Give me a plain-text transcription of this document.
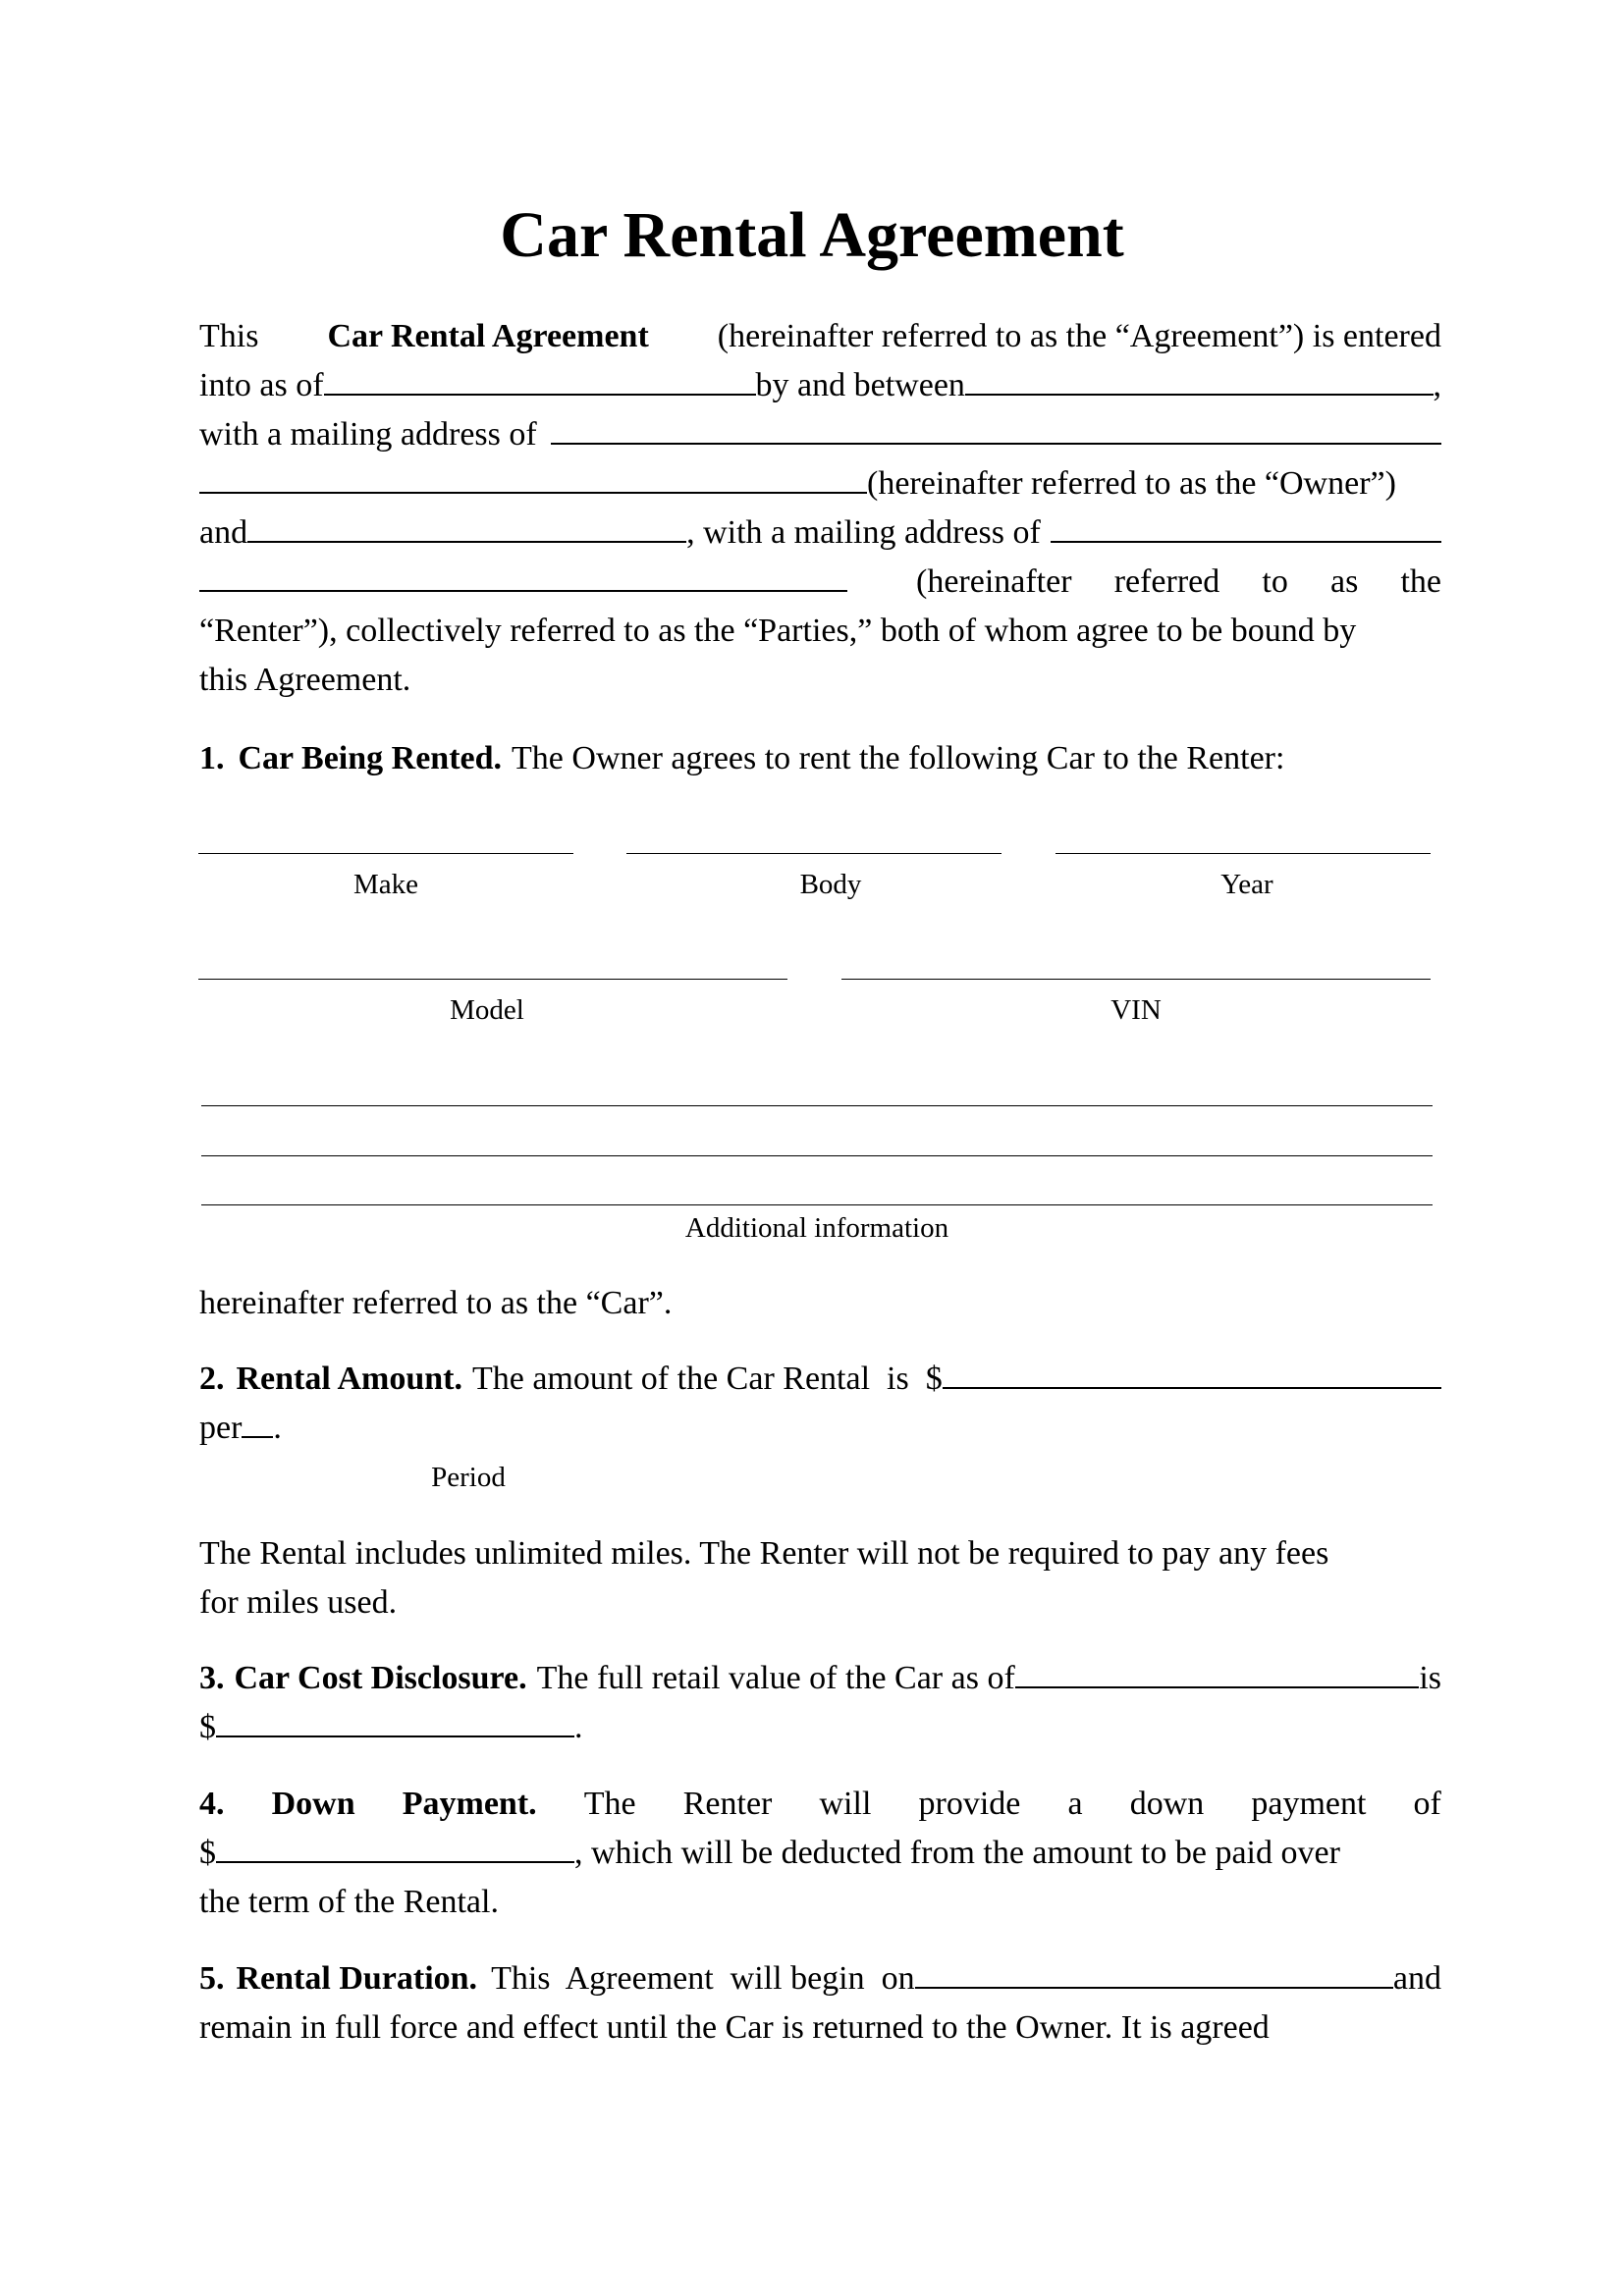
Car Rental Agreement
This Car Rental Agreement (hereinafter referred to as the “Agreement”) is entered
into as of	by and between	,
with a mailing address of
(hereinafter referred to as the “Owner”)
and	, with a mailing address of
(hereinafter referred to as the
“Renter”), collectively referred to as the “Parties,” both of whom agree to be bound by
this Agreement.
1. Car Being Rented. The Owner agrees to rent the following Car to the Renter:
Make	Body	Year
Model	VIN
Additional information
hereinafter referred to as the “Car”.
2. Rental Amount. The amount of the Car Rental  is  $
per .
Period
The Rental includes unlimited miles. The Renter will not be required to pay any fees
for miles used.
3. Car Cost Disclosure. The full retail value of the Car as of	is
$	.
4. Down Payment. The Renter will provide a down payment of
$	, which will be deducted from the amount to be paid over
the term of the Rental.
5. Rental Duration. This  Agreement  will begin  on	and
remain in full force and effect until the Car is returned to the Owner. It is agreed
